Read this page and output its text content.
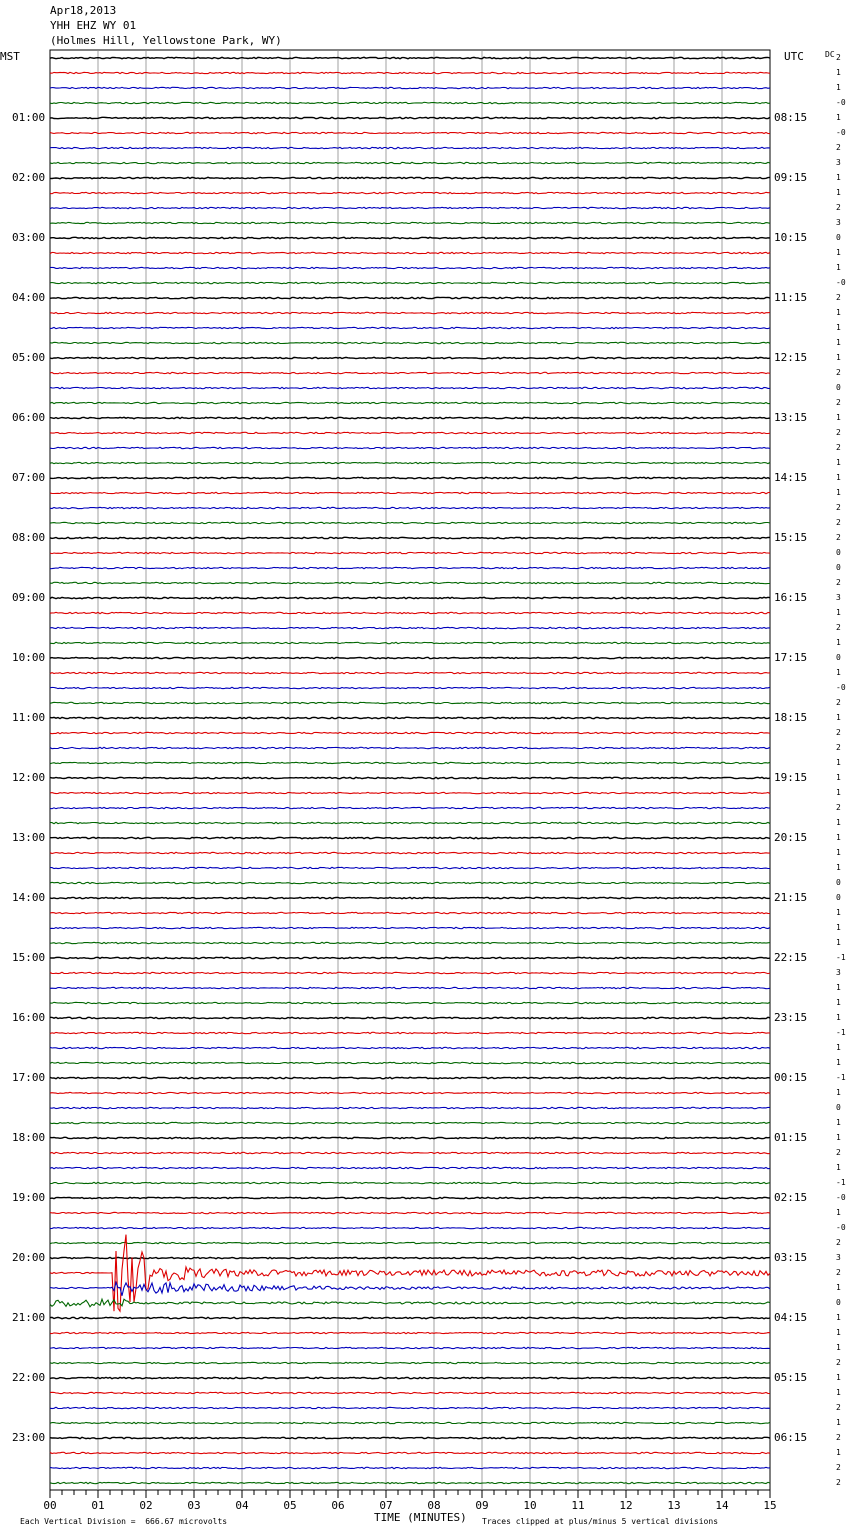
Apr18,2013
YHH EHZ WY 01
(Holmes Hill, Yellowstone Park, WY)
MST	UTC	DC
00	01	02	03	04	05	06	07	08	09	10	11	12	13	14	15
01:00
02:00
03:00
04:00
05:00
06:00
07:00
08:00
09:00
10:00
11:00
12:00
13:00
14:00
15:00
16:00
17:00
18:00
19:00
20:00
21:00
22:00
23:00
08:15
09:15
10:15
11:15
12:15
13:15
14:15
15:15
16:15
17:15
18:15
19:15
20:15
21:15
22:15
23:15
00:15
01:15
02:15
03:15
04:15
05:15
06:15
2
1
1
-0
1
-0
2
3
1
1
2
3
0
1
1
-0
2
1
1
1
1
2
0
2
1
2
2
1
1
1
2
2
2
0
0
2
3
1
2
1
0
1
-0
2
1
2
2
1
1
1
2
1
1
1
1
0
0
1
1
1
-1
3
1
1
1
-1
1
1
-1
1
0
1
1
2
1
-1
-0
1
-0
2
3
2
1
0
1
1
1
2
1
1
2
1
2
1
2
2
TIME (MINUTES)
Each Vertical Division =  666.67 microvolts	Traces clipped at plus/minus 5 vertical divisions
